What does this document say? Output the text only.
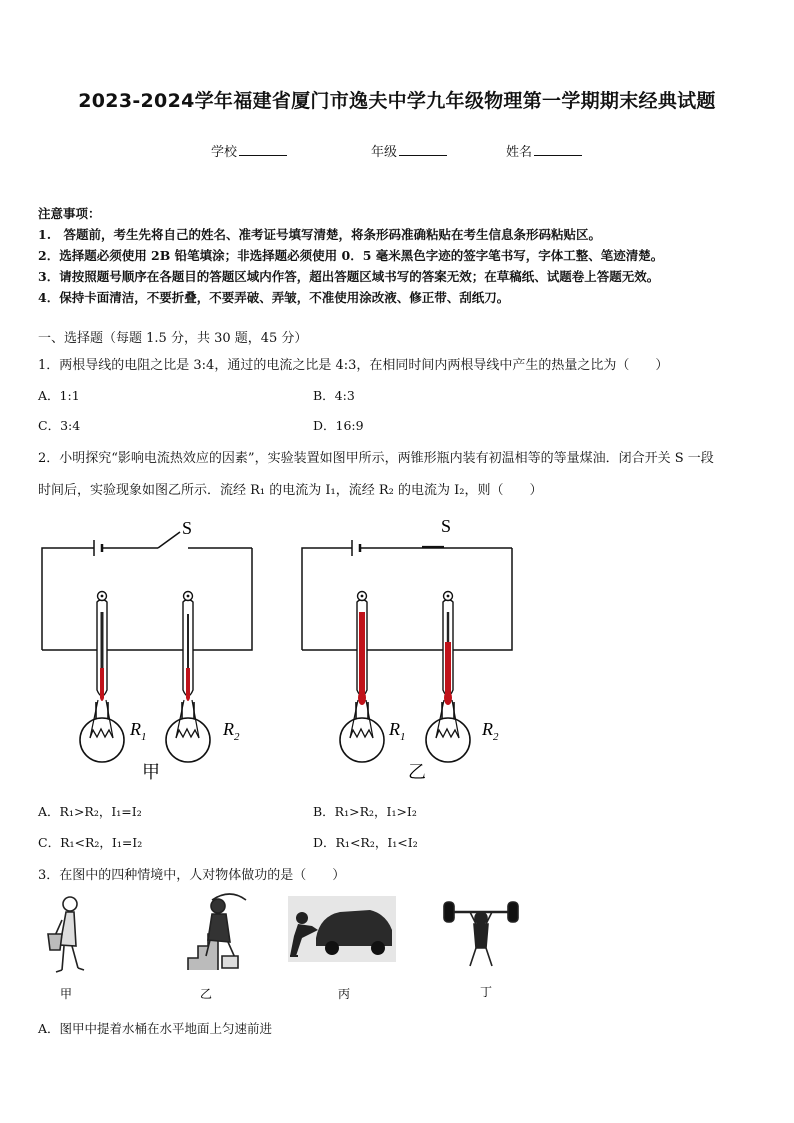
2023-2024学年福建省厦门市逸夫中学九年级物理第一学期期末经典试题
学校	年级	姓名
注意事项：
1.　答题前，考生先将自己的姓名、准考证号填写清楚，将条形码准确粘贴在考生信息条形码粘贴区。
2．选择题必须使用 2B 铅笔填涂；非选择题必须使用 0．5 毫米黑色字迹的签字笔书写，字体工整、笔迹清楚。
3．请按照题号顺序在各题目的答题区域内作答，超出答题区域书写的答案无效；在草稿纸、试题卷上答题无效。
4．保持卡面清洁，不要折叠，不要弄破、弄皱，不准使用涂改液、修正带、刮纸刀。
一、选择题（每题 1.5 分，共 30 题，45 分）
1．两根导线的电阻之比是 3:4，通过的电流之比是 4:3，在相同时间内两根导线中产生的热量之比为（　　）
A．1:1	B．4:3
C．3:4	D．16:9
2．小明探究“影响电流热效应的因素”，实验装置如图甲所示，两锥形瓶内装有初温相等的等量煤油．闭合开关 S 一段
时间后，实验现象如图乙所示．流经 R₁ 的电流为 I₁，流经 R₂ 的电流为 I₂，则（　　）
S
$R_1$	$R_2$
甲
S
$R_1$	$R_2$
乙
A．R₁>R₂，I₁=I₂	B．R₁>R₂，I₁>I₂
C．R₁<R₂，I₁=I₂	D．R₁<R₂，I₁<I₂
3．在图中的四种情境中，人对物体做功的是（　　）
甲	乙	丙	丁
A．图甲中提着水桶在水平地面上匀速前进
